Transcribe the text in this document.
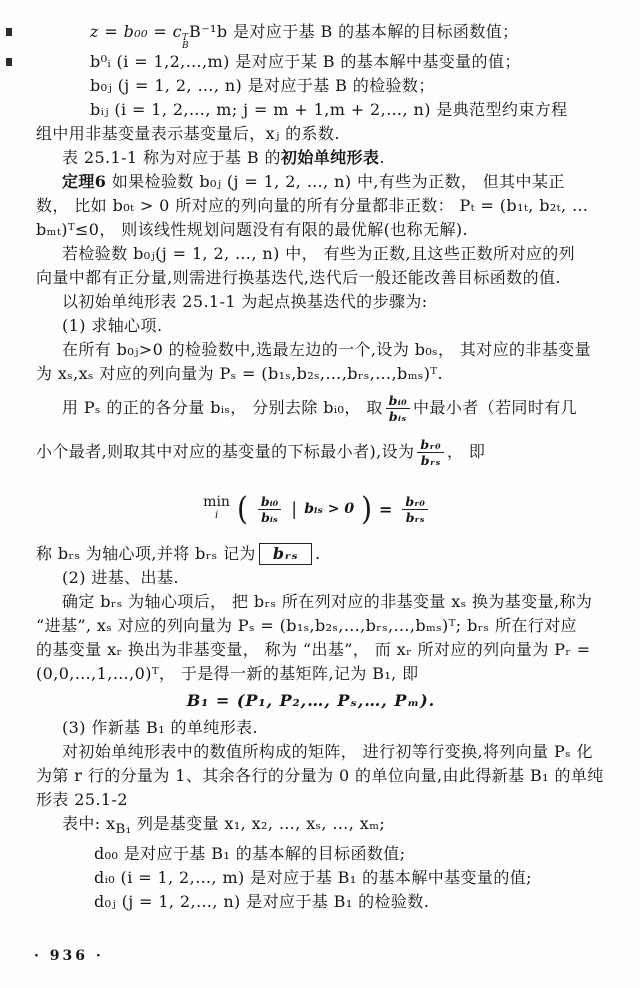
z = b₀₀ = c T
B
B⁻¹b 是对应于基 B 的基本解的目标函数值；

b⁰ᵢ (i = 1,2,…,m) 是对应于某 B 的基本解中基变量的值；

b₀ⱼ (j = 1, 2, …, n) 是对应于基 B 的检验数；

bᵢⱼ (i = 1, 2,…, m; j = m + 1,m + 2,…, n) 是典范型约束方程

组中用非基变量表示基变量后，xⱼ 的系数.

表 25.1-1 称为对应于基 B 的初始单纯形表.

定理6 如果检验数 b₀ⱼ (j = 1, 2, …, n) 中,有些为正数， 但其中某正

数， 比如 b₀ₜ > 0 所对应的列向量的所有分量都非正数： Pₜ = (b₁ₜ, b₂ₜ, …

bₘₜ)ᵀ≤0， 则该线性规划问题没有有限的最优解(也称无解).

若检验数 b₀ⱼ(j = 1, 2, …, n) 中， 有些为正数,且这些正数所对应的列

向量中都有正分量,则需进行换基迭代,迭代后一般还能改善目标函数的值.

以初始单纯形表 25.1-1 为起点换基迭代的步骤为:

(1) 求轴心项.

在所有 b₀ⱼ>0 的检验数中,选最左边的一个,设为 b₀ₛ， 其对应的非基变量

为 xₛ,xₛ 对应的列向量为 Pₛ = (b₁ₛ,b₂ₛ,…,bᵣₛ,…,bₘₛ)ᵀ.

用 Pₛ 的正的各分量 bᵢₛ， 分别去除 bᵢ₀， 取 $\frac{\text{bᵢ₀}}{\text{bᵢₛ}}$ 中最小者（若同时有几

小个最者,则取其中对应的基变量的下标最小者),设为 $\frac{\text{bᵣ₀}}{\text{bᵣₛ}}$ ， 即

min
i ( $\frac{\text{bᵢ₀}}{\text{bᵢₛ}}$ | bᵢₛ > 0 ) = $\frac{\text{bᵣ₀}}{\text{bᵣₛ}}$

称 bᵣₛ 为轴心项,并将 bᵣₛ 记为 bᵣₛ .

(2) 进基、出基.

确定 bᵣₛ 为轴心项后， 把 bᵣₛ 所在列对应的非基变量 xₛ 换为基变量,称为

“进基”, xₛ 对应的列向量为 Pₛ = (b₁ₛ,b₂ₛ,…,bᵣₛ,…,bₘₛ)ᵀ; bᵣₛ 所在行对应

的基变量 xᵣ 换出为非基变量， 称为 “出基”， 而 xᵣ 所对应的列向量为 Pᵣ =

(0,0,…,1,…,0)ᵀ， 于是得一新的基矩阵,记为 B₁, 即

B₁ = (P₁, P₂,…, Pₛ,…, Pₘ).

(3) 作新基 B₁ 的单纯形表.

对初始单纯形表中的数值所构成的矩阵， 进行初等行变换,将列向量 Pₛ 化

为第 r 行的分量为 1、其余各行的分量为 0 的单位向量,由此得新基 B₁ 的单纯

形表 25.1-2

表中: $x_{B_1}$ 列是基变量 x₁, x₂, …, xₛ, …, xₘ;

d₀₀ 是对应于基 B₁ 的基本解的目标函数值;

dᵢ₀ (i = 1, 2,…, m) 是对应于基 B₁ 的基本解中基变量的值;

d₀ⱼ (j = 1, 2,…, n) 是对应于基 B₁ 的检验数.

· 936 ·
